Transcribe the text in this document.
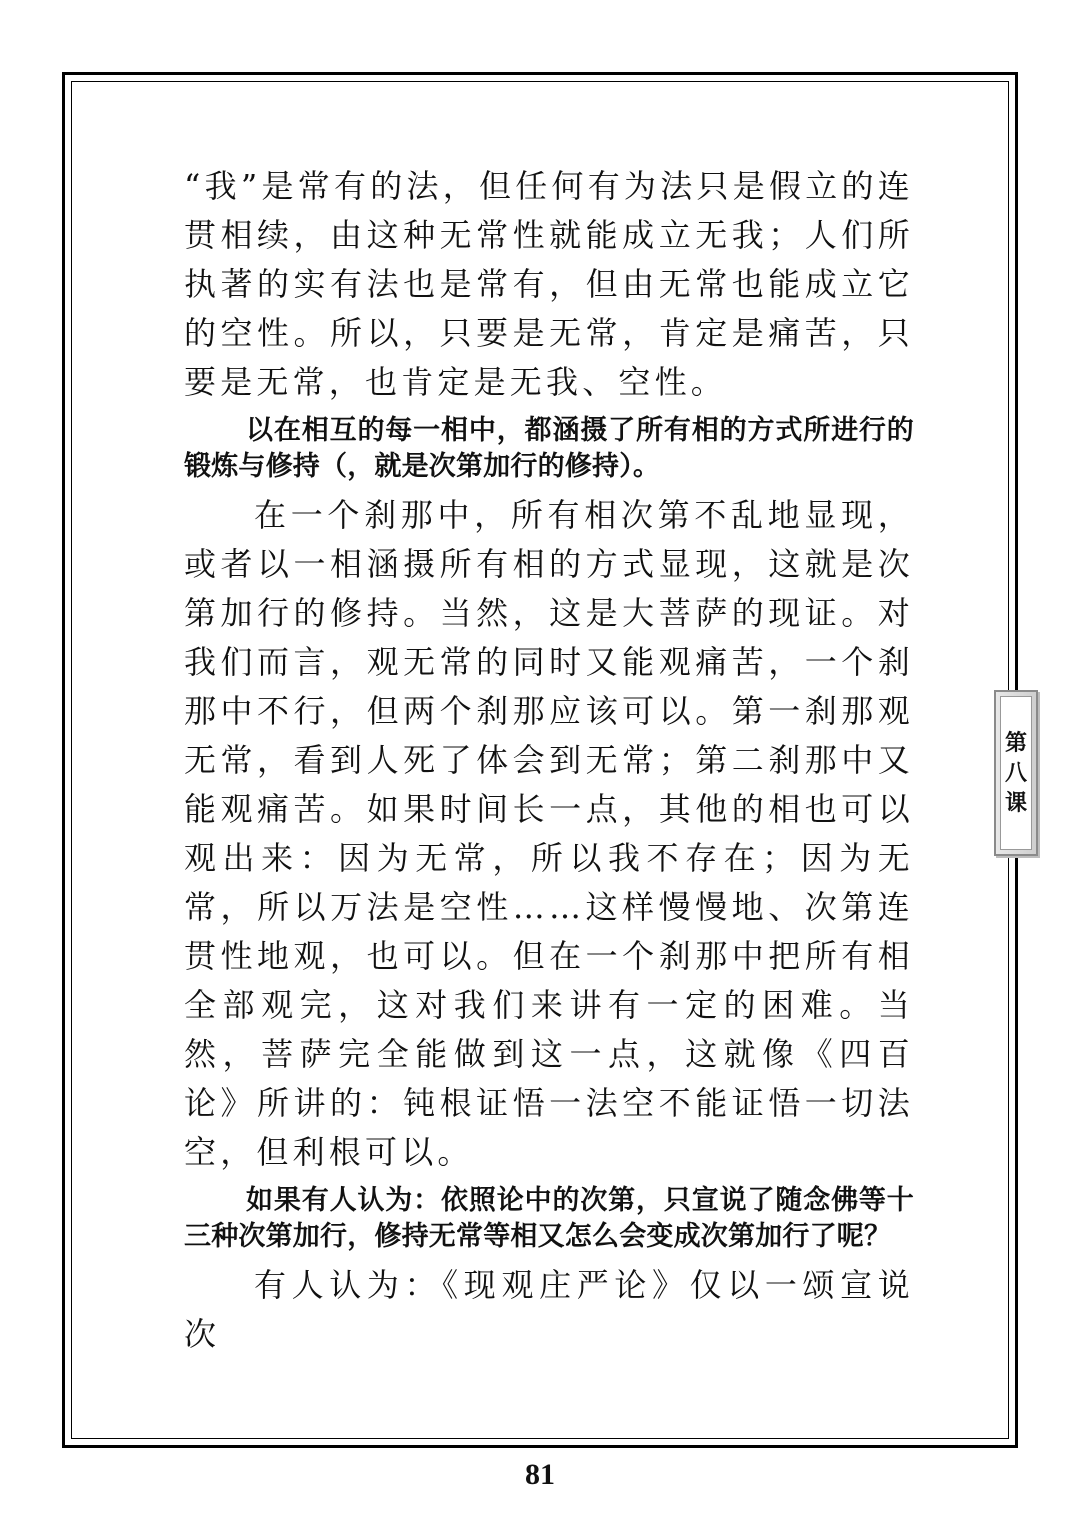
“我”是常有的法，但任何有为法只是假立的连贯相续，由这种无常性就能成立无我；人们所执著的实有法也是常有，但由无常也能成立它的空性。所以，只要是无常，肯定是痛苦，只要是无常，也肯定是无我、空性。

以在相互的每一相中，都涵摄了所有相的方式所进行的锻炼与修持（，就是次第加行的修持）。

在一个刹那中，所有相次第不乱地显现，或者以一相涵摄所有相的方式显现，这就是次第加行的修持。当然，这是大菩萨的现证。对我们而言，观无常的同时又能观痛苦，一个刹那中不行，但两个刹那应该可以。第一刹那观无常，看到人死了体会到无常；第二刹那中又能观痛苦。如果时间长一点，其他的相也可以观出来：因为无常，所以我不存在；因为无常，所以万法是空性……这样慢慢地、次第连贯性地观，也可以。但在一个刹那中把所有相全部观完，这对我们来讲有一定的困难。当然，菩萨完全能做到这一点，这就像《四百论》所讲的：钝根证悟一法空不能证悟一切法空，但利根可以。

如果有人认为：依照论中的次第，只宣说了随念佛等十三种次第加行，修持无常等相又怎么会变成次第加行了呢？

有人认为：《现观庄严论》仅以一颂宣说次

第
八
课
81
